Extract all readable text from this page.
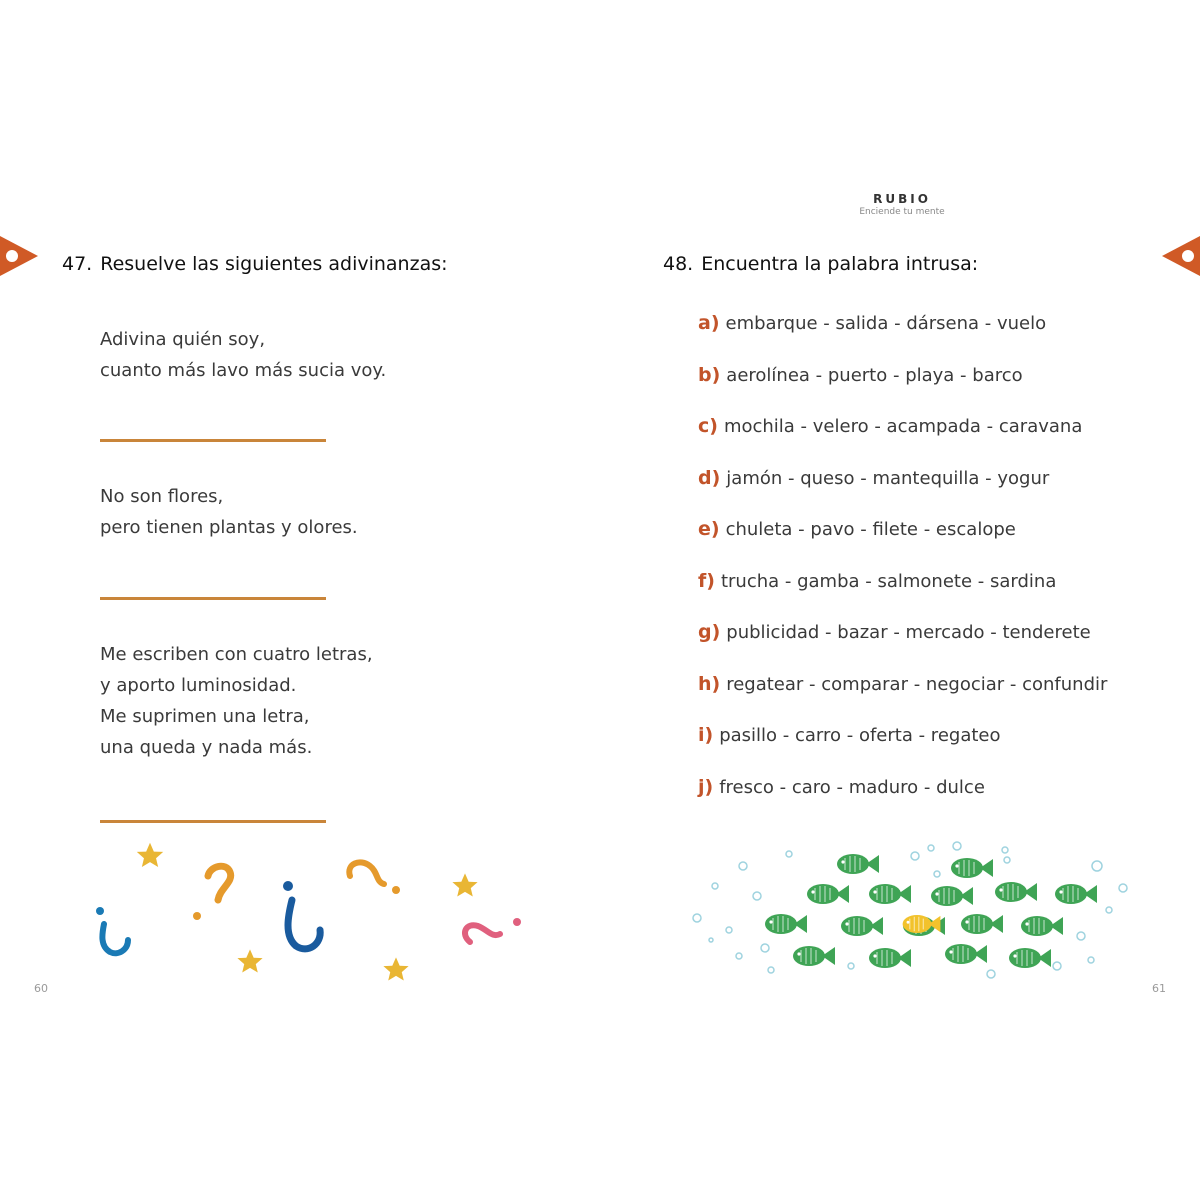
RUBIO
Enciende tu mente
47. Resuelve las siguientes adivinanzas:
Adivina quién soy,
cuanto más lavo más sucia voy.
No son flores,
pero tienen plantas y olores.
Me escriben con cuatro letras,
y aporto luminosidad.
Me suprimen una letra,
una queda y nada más.
60
48. Encuentra la palabra intrusa:
a) embarque - salida - dársena - vuelo
b) aerolínea - puerto - playa - barco
c) mochila - velero - acampada - caravana
d) jamón - queso - mantequilla - yogur
e) chuleta - pavo - filete - escalope
f) trucha - gamba - salmonete - sardina
g) publicidad - bazar - mercado - tenderete
h) regatear - comparar - negociar - confundir
i) pasillo - carro - oferta - regateo
j) fresco - caro - maduro - dulce
61
